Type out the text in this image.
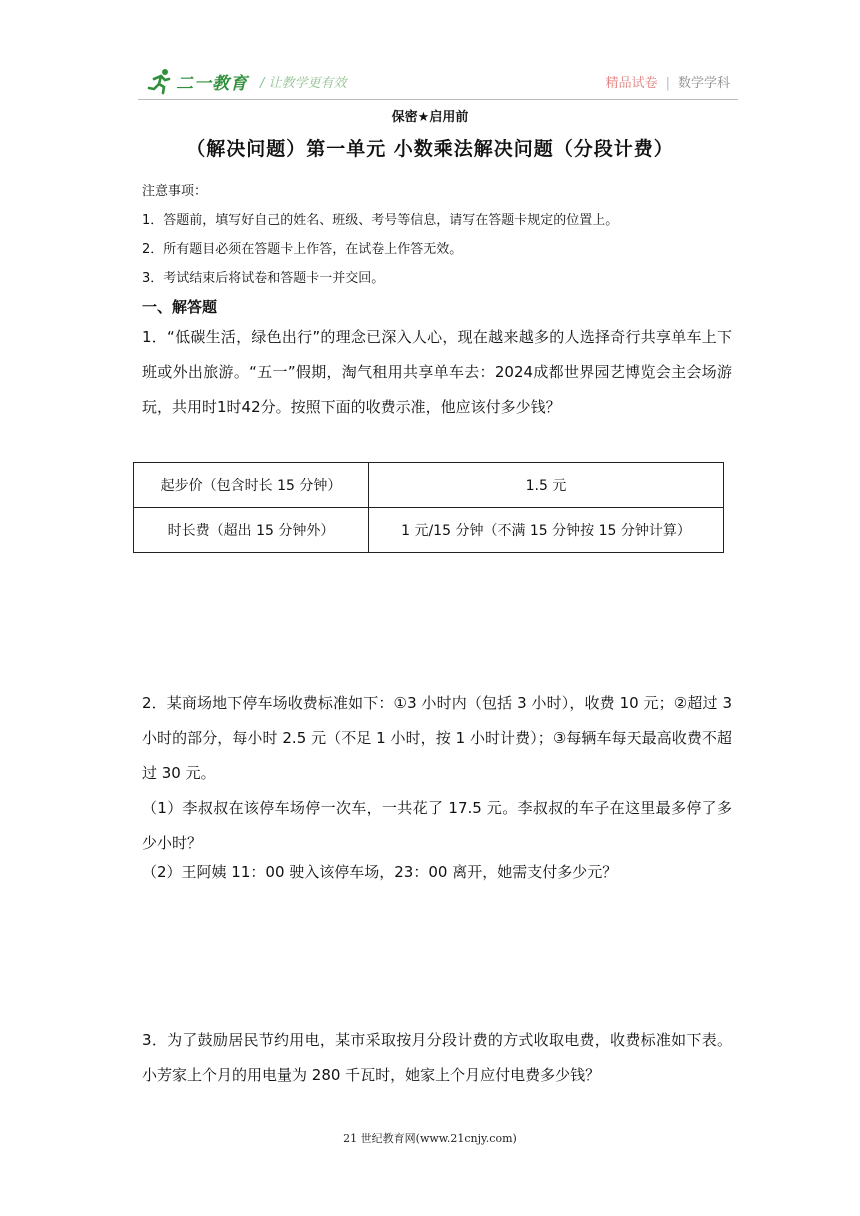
二一教育 / 让教学更有效	精品试卷 | 数学学科
保密★启用前
（解决问题）第一单元 小数乘法解决问题（分段计费）
注意事项：
1．答题前，填写好自己的姓名、班级、考号等信息，请写在答题卡规定的位置上。
2．所有题目必须在答题卡上作答，在试卷上作答无效。
3．考试结束后将试卷和答题卡一并交回。
一、解答题
1．“低碳生活，绿色出行”的理念已深入人心，现在越来越多的人选择奇行共享单车上下班或外出旅游。“五一”假期，淘气租用共享单车去：2024成都世界园艺博览会主会场游玩，共用时1时42分。按照下面的收费示准，他应该付多少钱？
起步价（包含时长 15 分钟）	1.5 元
时长费（超出 15 分钟外）	1 元/15 分钟（不满 15 分钟按 15 分钟计算）
2．某商场地下停车场收费标准如下：①3 小时内（包括 3 小时），收费 10 元；②超过 3 小时的部分，每小时 2.5 元（不足 1 小时，按 1 小时计费）；③每辆车每天最高收费不超过 30 元。
（1）李叔叔在该停车场停一次车，一共花了 17.5 元。李叔叔的车子在这里最多停了多少小时？
（2）王阿姨 11：00 驶入该停车场，23：00 离开，她需支付多少元？
3．为了鼓励居民节约用电，某市采取按月分段计费的方式收取电费，收费标准如下表。小芳家上个月的用电量为 280 千瓦时，她家上个月应付电费多少钱？
21 世纪教育网(www.21cnjy.com)
